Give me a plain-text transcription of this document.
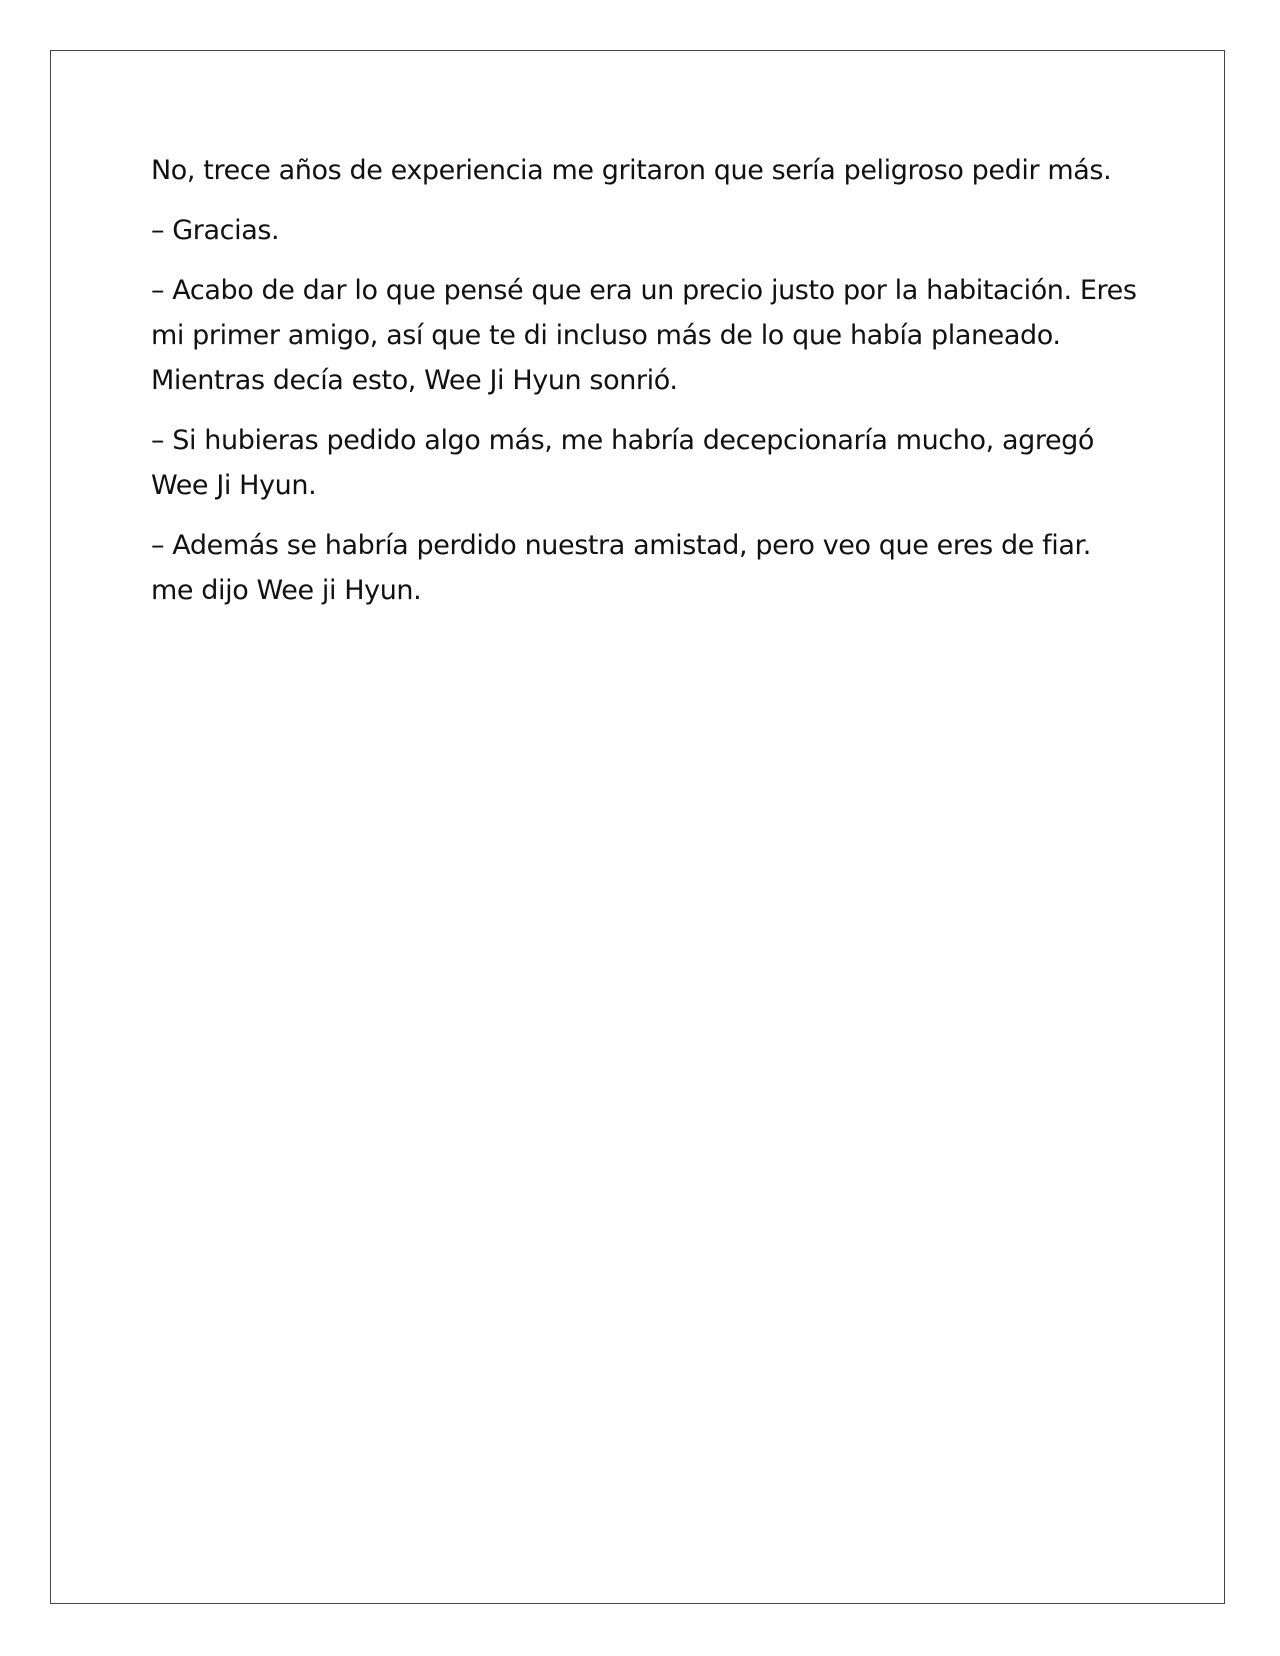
No, trece años de experiencia me gritaron que sería peligroso pedir más.

– Gracias.

– Acabo de dar lo que pensé que era un precio justo por la habitación. Eres mi primer amigo, así que te di incluso más de lo que había planeado. Mientras decía esto, Wee Ji Hyun sonrió.

– Si hubieras pedido algo más, me habría decepcionaría mucho, agregó Wee Ji Hyun.

– Además se habría perdido nuestra amistad, pero veo que eres de fiar. me dijo Wee ji Hyun.
